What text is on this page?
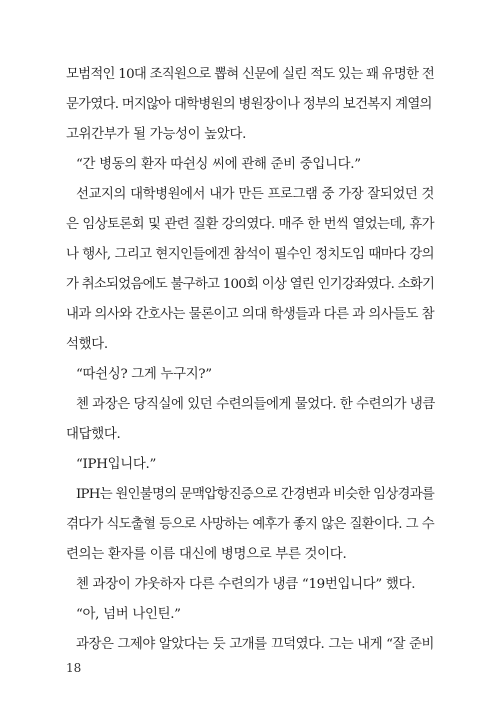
모범적인 10대 조직원으로 뽑혀 신문에 실린 적도 있는 꽤 유명한 전
문가였다. 머지않아 대학병원의 병원장이나 정부의 보건복지 계열의
고위간부가 될 가능성이 높았다.
“간 병동의 환자 따쉰싱 씨에 관해 준비 중입니다.”
선교지의 대학병원에서 내가 만든 프로그램 중 가장 잘되었던 것
은 임상토론회 및 관련 질환 강의였다. 매주 한 번씩 열었는데, 휴가
나 행사, 그리고 현지인들에겐 참석이 필수인 정치도임 때마다 강의
가 취소되었음에도 불구하고 100회 이상 열린 인기강좌였다. 소화기
내과 의사와 간호사는 물론이고 의대 학생들과 다른 과 의사들도 참
석했다.
“따쉰싱? 그게 누구지?”
첸 과장은 당직실에 있던 수련의들에게 물었다. 한 수련의가 냉큼
대답했다.
“IPH입니다.”
IPH는 원인불명의 문맥압항진증으로 간경변과 비슷한 임상경과를
겪다가 식도출혈 등으로 사망하는 예후가 좋지 않은 질환이다. 그 수
련의는 환자를 이름 대신에 병명으로 부른 것이다.
첸 과장이 갸웃하자 다른 수련의가 냉큼 “19번입니다” 했다.
“아, 넘버 나인틴.”
과장은 그제야 알았다는 듯 고개를 끄덕였다. 그는 내게 “잘 준비
18
